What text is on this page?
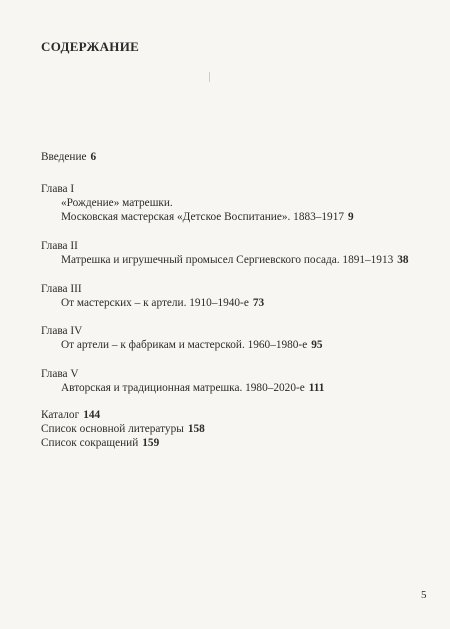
СОДЕРЖАНИЕ
Введение 6
Глава I
«Рождение» матрешки.
Московская мастерская «Детское Воспитание». 1883–1917 9
Глава II
Матрешка и игрушечный промысел Сергиевского посада. 1891–1913 38
Глава III
От мастерских – к артели. 1910–1940-е 73
Глава IV
От артели – к фабрикам и мастерской. 1960–1980-е 95
Глава V
Авторская и традиционная матрешка. 1980–2020-е 111
Каталог 144
Список основной литературы 158
Список сокращений 159
5
